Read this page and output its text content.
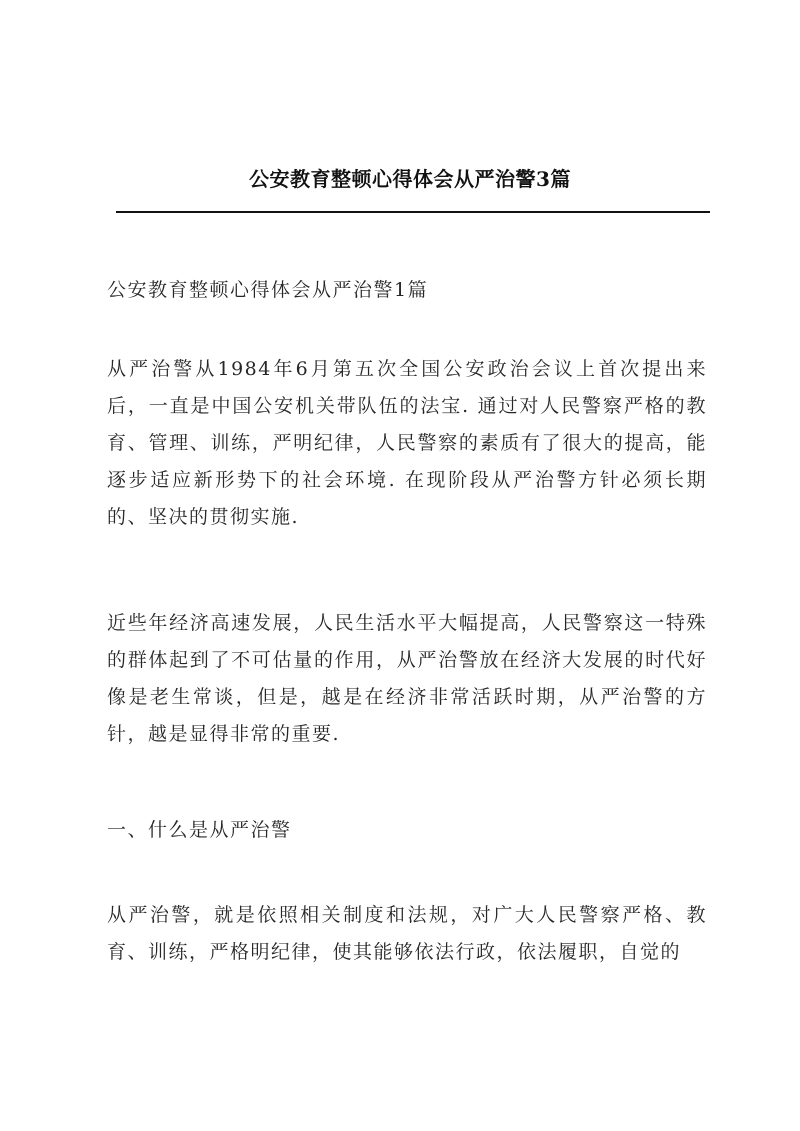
公安教育整顿心得体会从严治警3篇

公安教育整顿心得体会从严治警1篇

从严治警从1984年6月第五次全国公安政治会议上首次提出来后，一直是中国公安机关带队伍的法宝. 通过对人民警察严格的教育、管理、训练，严明纪律，人民警察的素质有了很大的提高，能逐步适应新形势下的社会环境. 在现阶段从严治警方针必须长期的、坚决的贯彻实施.

近些年经济高速发展，人民生活水平大幅提高，人民警察这一特殊的群体起到了不可估量的作用，从严治警放在经济大发展的时代好像是老生常谈，但是，越是在经济非常活跃时期，从严治警的方针，越是显得非常的重要.

一、什么是从严治警

从严治警，就是依照相关制度和法规，对广大人民警察严格、教育、训练，严格明纪律，使其能够依法行政，依法履职，自觉的
